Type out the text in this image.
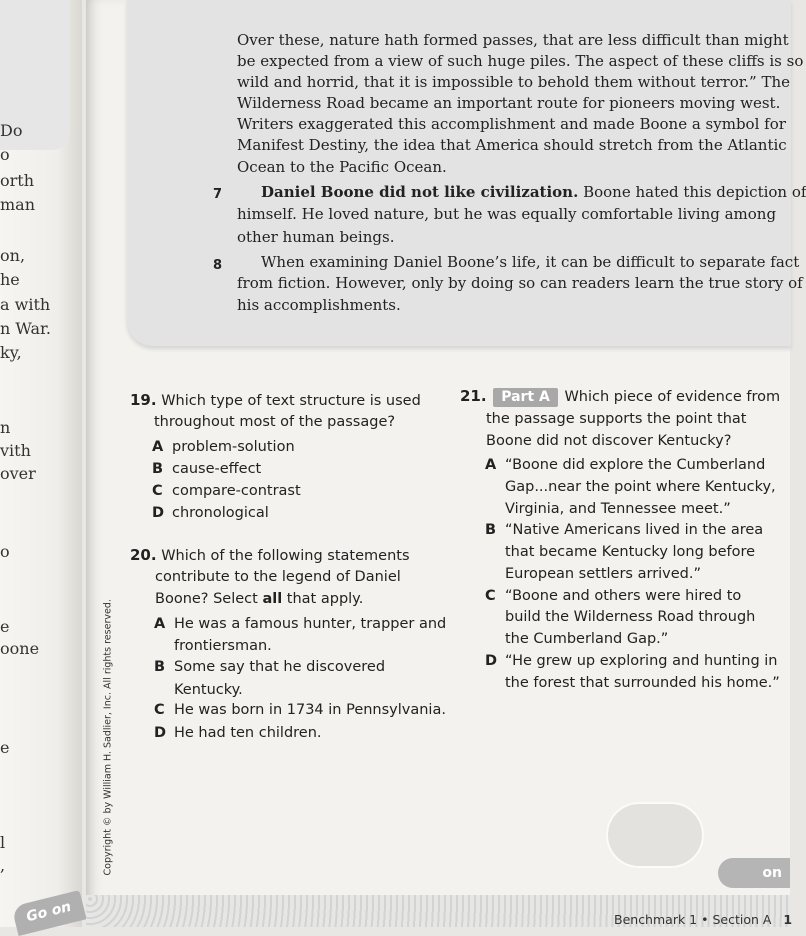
Do
o
orth
man
on,
he
a with
n War.
ky,
n
vith
over
o
e
oone
e
l
,
Go on
Over these, nature hath formed passes, that are less difficult than might
be expected from a view of such huge piles. The aspect of these cliffs is so
wild and horrid, that it is impossible to behold them without terror.” The
Wilderness Road became an important route for pioneers moving west.
Writers exaggerated this accomplishment and made Boone a symbol for
Manifest Destiny, the idea that America should stretch from the Atlantic
Ocean to the Pacific Ocean.
7	Daniel Boone did not like civilization. Boone hated this depiction of
himself. He loved nature, but he was equally comfortable living among
other human beings.
8	When examining Daniel Boone’s life, it can be difficult to separate fact
from fiction. However, only by doing so can readers learn the true story of
his accomplishments.
19. Which type of text structure is used
throughout most of the passage?
A problem-solution
B cause-effect
C compare-contrast
D chronological
20. Which of the following statements
contribute to the legend of Daniel
Boone? Select all that apply.
A He was a famous hunter, trapper and
frontiersman.
B Some say that he discovered
Kentucky.
C He was born in 1734 in Pennsylvania.
D He had ten children.
21. Part A Which piece of evidence from
the passage supports the point that
Boone did not discover Kentucky?
A “Boone did explore the Cumberland
Gap...near the point where Kentucky,
Virginia, and Tennessee meet.”
B “Native Americans lived in the area
that became Kentucky long before
European settlers arrived.”
C “Boone and others were hired to
build the Wilderness Road through
the Cumberland Gap.”
D “He grew up exploring and hunting in
the forest that surrounded his home.”
Copyright © by William H. Sadlier, Inc. All rights reserved.	on
Benchmark 1 • Section A 1
